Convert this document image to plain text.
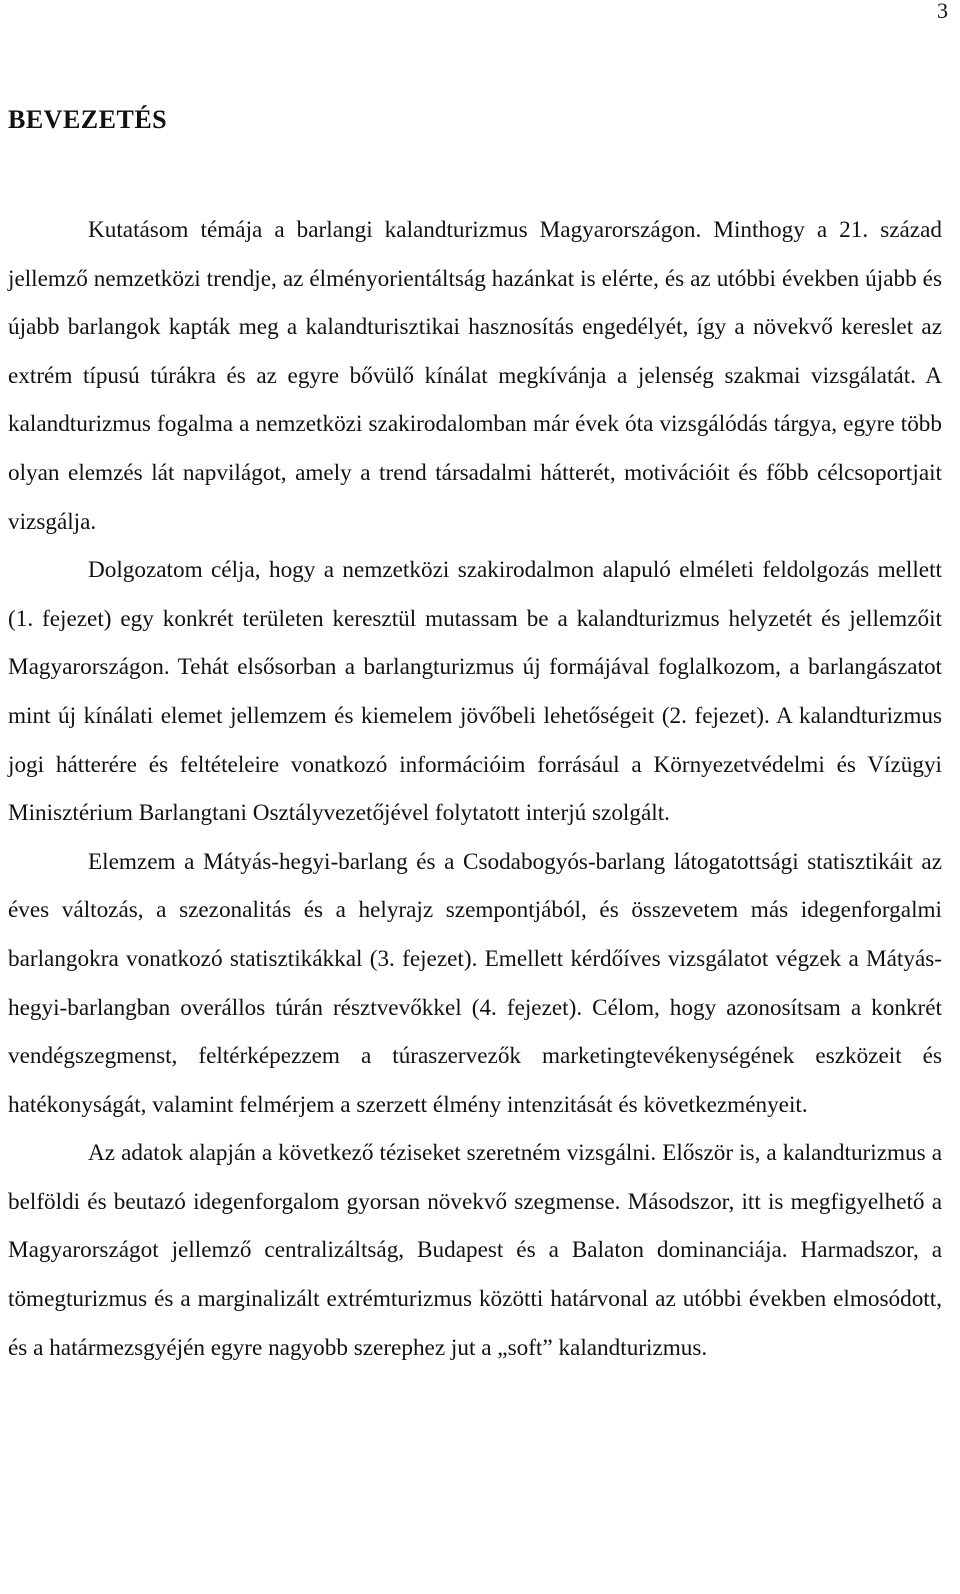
3
BEVEZETÉS

Kutatásom témája a barlangi kalandturizmus Magyarországon. Minthogy a 21. század jellemző nemzetközi trendje, az élményorientáltság hazánkat is elérte, és az utóbbi években újabb és újabb barlangok kapták meg a kalandturisztikai hasznosítás engedélyét, így a növekvő kereslet az extrém típusú túrákra és az egyre bővülő kínálat megkívánja a jelenség szakmai vizsgálatát. A kalandturizmus fogalma a nemzetközi szakirodalomban már évek óta vizsgálódás tárgya, egyre több olyan elemzés lát napvilágot, amely a trend társadalmi hátterét, motivációit és főbb célcsoportjait vizsgálja.

Dolgozatom célja, hogy a nemzetközi szakirodalmon alapuló elméleti feldolgozás mellett (1. fejezet) egy konkrét területen keresztül mutassam be a kalandturizmus helyzetét és jellemzőit Magyarországon. Tehát elsősorban a barlangturizmus új formájával foglalkozom, a barlangászatot mint új kínálati elemet jellemzem és kiemelem jövőbeli lehetőségeit (2. fejezet). A kalandturizmus jogi hátterére és feltételeire vonatkozó információim forrásául a Környezetvédelmi és Vízügyi Minisztérium Barlangtani Osztályvezetőjével folytatott interjú szolgált.

Elemzem a Mátyás-hegyi-barlang és a Csodabogyós-barlang látogatottsági statisztikáit az éves változás, a szezonalitás és a helyrajz szempontjából, és összevetem más idegenforgalmi barlangokra vonatkozó statisztikákkal (3. fejezet). Emellett kérdőíves vizsgálatot végzek a Mátyás-hegyi-barlangban overállos túrán résztvevőkkel (4. fejezet). Célom, hogy azonosítsam a konkrét vendégszegmenst, feltérképezzem a túraszervezők marketingtevékenységének eszközeit és hatékonyságát, valamint felmérjem a szerzett élmény intenzitását és következményeit.

Az adatok alapján a következő téziseket szeretném vizsgálni. Először is, a kalandturizmus a belföldi és beutazó idegenforgalom gyorsan növekvő szegmense. Másodszor, itt is megfigyelhető a Magyarországot jellemző centralizáltság, Budapest és a Balaton dominanciája. Harmadszor, a tömegturizmus és a marginalizált extrémturizmus közötti határvonal az utóbbi években elmosódott, és a határmezsgyéjén egyre nagyobb szerephez jut a „soft” kalandturizmus.
